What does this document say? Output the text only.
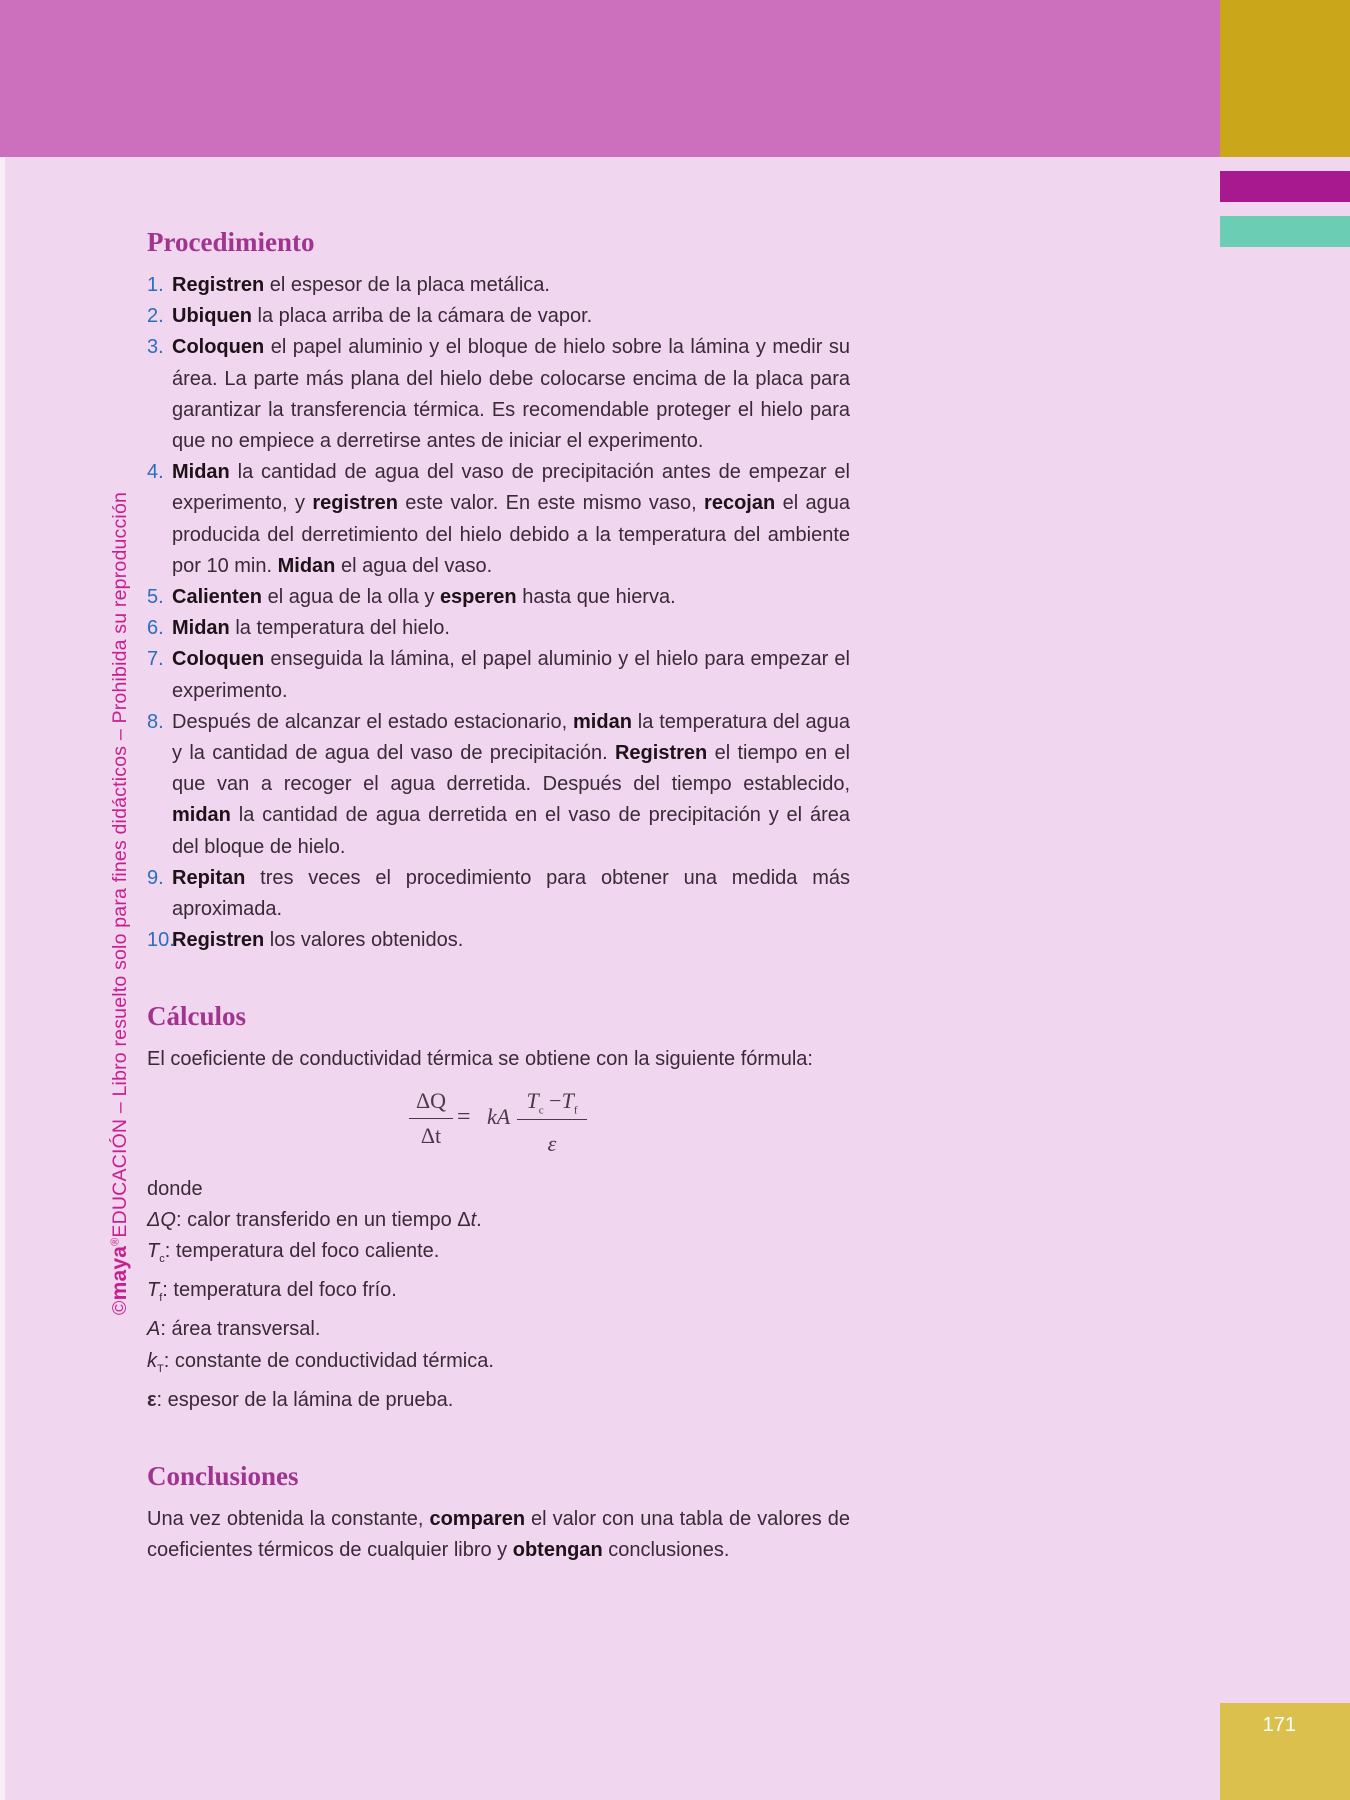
©maya®EDUCACIÓN – Libro resuelto solo para fines didácticos – Prohibida su reproducción
Procedimiento
1. Registren el espesor de la placa metálica.
2. Ubiquen la placa arriba de la cámara de vapor.
3. Coloquen el papel aluminio y el bloque de hielo sobre la lámina y medir su área. La parte más plana del hielo debe colocarse encima de la placa para garantizar la transferencia térmica. Es recomendable proteger el hielo para que no empiece a derretirse antes de iniciar el experimento.
4. Midan la cantidad de agua del vaso de precipitación antes de empezar el experimento, y registren este valor. En este mismo vaso, recojan el agua producida del derretimiento del hielo debido a la temperatura del ambiente por 10 min. Midan el agua del vaso.
5. Calienten el agua de la olla y esperen hasta que hierva.
6. Midan la temperatura del hielo.
7. Coloquen enseguida la lámina, el papel aluminio y el hielo para empezar el experimento.
8. Después de alcanzar el estado estacionario, midan la temperatura del agua y la cantidad de agua del vaso de precipitación. Registren el tiempo en el que van a recoger el agua derretida. Después del tiempo establecido, midan la cantidad de agua derretida en el vaso de precipitación y el área del bloque de hielo.
9. Repitan tres veces el procedimiento para obtener una medida más aproximada.
10.
Registren los valores obtenidos.
Cálculos

El coeficiente de conductividad térmica se obtiene con la siguiente fórmula:

$\frac{\Delta Q}{\Delta t}$ = kA
$T_c -T_f$
ε

donde

ΔQ: calor transferido en un tiempo Δt.

$T_c$: temperatura del foco caliente.

$T_f$: temperatura del foco frío.

A: área transversal.

$k_T$: constante de conductividad térmica.

ε: espesor de la lámina de prueba.

Conclusiones

Una vez obtenida la constante, comparen el valor con una tabla de valores de coeficientes térmicos de cualquier libro y obtengan conclusiones.

171
